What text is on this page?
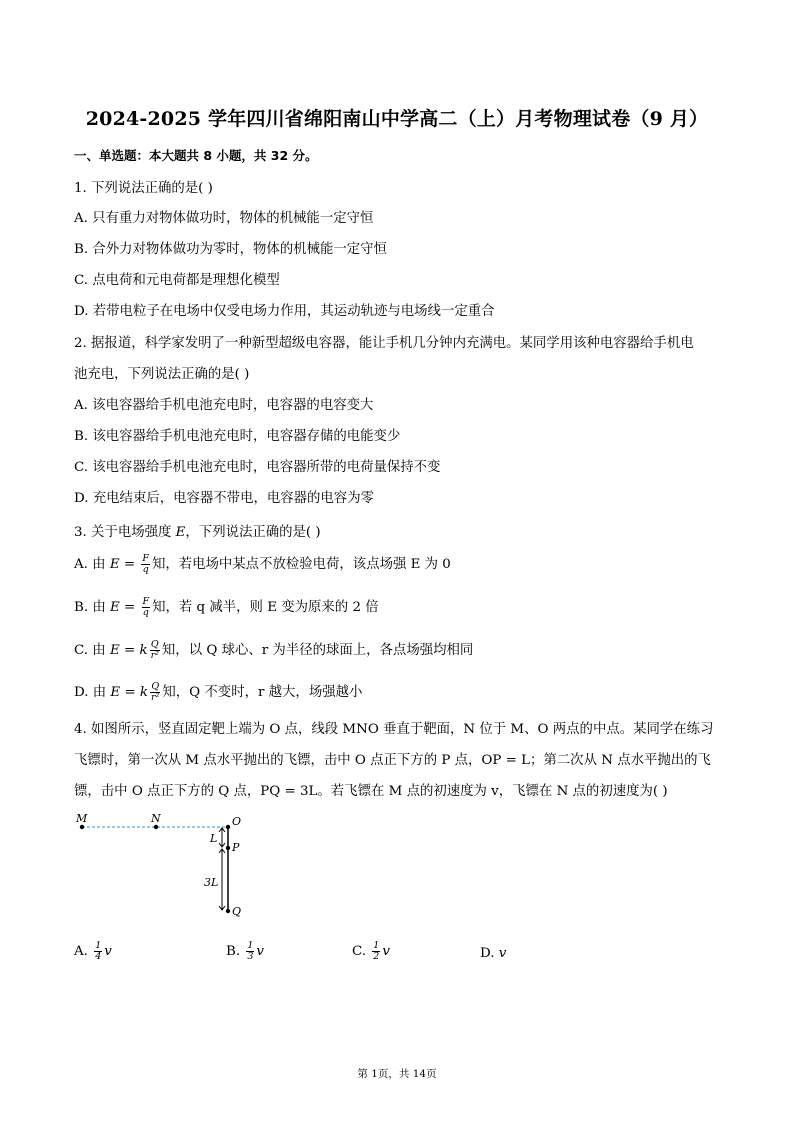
2024-2025 学年四川省绵阳南山中学高二（上）月考物理试卷（9 月）
一、单选题：本大题共 8 小题，共 32 分。
1. 下列说法正确的是( )
A. 只有重力对物体做功时，物体的机械能一定守恒
B. 合外力对物体做功为零时，物体的机械能一定守恒
C. 点电荷和元电荷都是理想化模型
D. 若带电粒子在电场中仅受电场力作用，其运动轨迹与电场线一定重合
2. 据报道，科学家发明了一种新型超级电容器，能让手机几分钟内充满电。某同学用该种电容器给手机电
池充电，下列说法正确的是( )
A. 该电容器给手机电池充电时，电容器的电容变大
B. 该电容器给手机电池充电时，电容器存储的电能变少
C. 该电容器给手机电池充电时，电容器所带的电荷量保持不变
D. 充电结束后，电容器不带电，电容器的电容为零
3. 关于电场强度 E，下列说法正确的是( )
A. 由 $E = \frac{F}{q}$ 知，若电场中某点不放检验电荷，该点场强 E 为 0
B. 由 $E = \frac{F}{q}$ 知，若 q 减半，则 E 变为原来的 2 倍
C. 由 E = k $\frac{Q}{\text{r²}}$ 知，以 Q 球心、r 为半径的球面上，各点场强均相同
D. 由 E = k $\frac{Q}{\text{r²}}$ 知，Q 不变时，r 越大，场强越小
4. 如图所示，竖直固定靶上端为 O 点，线段 MNO 垂直于靶面，N 位于 M、O 两点的中点。某同学在练习
飞镖时，第一次从 M 点水平抛出的飞镖，击中 O 点正下方的 P 点，OP = L；第二次从 N 点水平抛出的飞
镖，击中 O 点正下方的 Q 点，PQ = 3L。若飞镖在 M 点的初速度为 v，飞镖在 N 点的初速度为( )
M	N	O
P
Q
L
3L
A. $\frac{1}{4}$ v	B. $\frac{1}{3}$ v	C. $\frac{1}{2}$ v	D. v
第 1页，共 14页
